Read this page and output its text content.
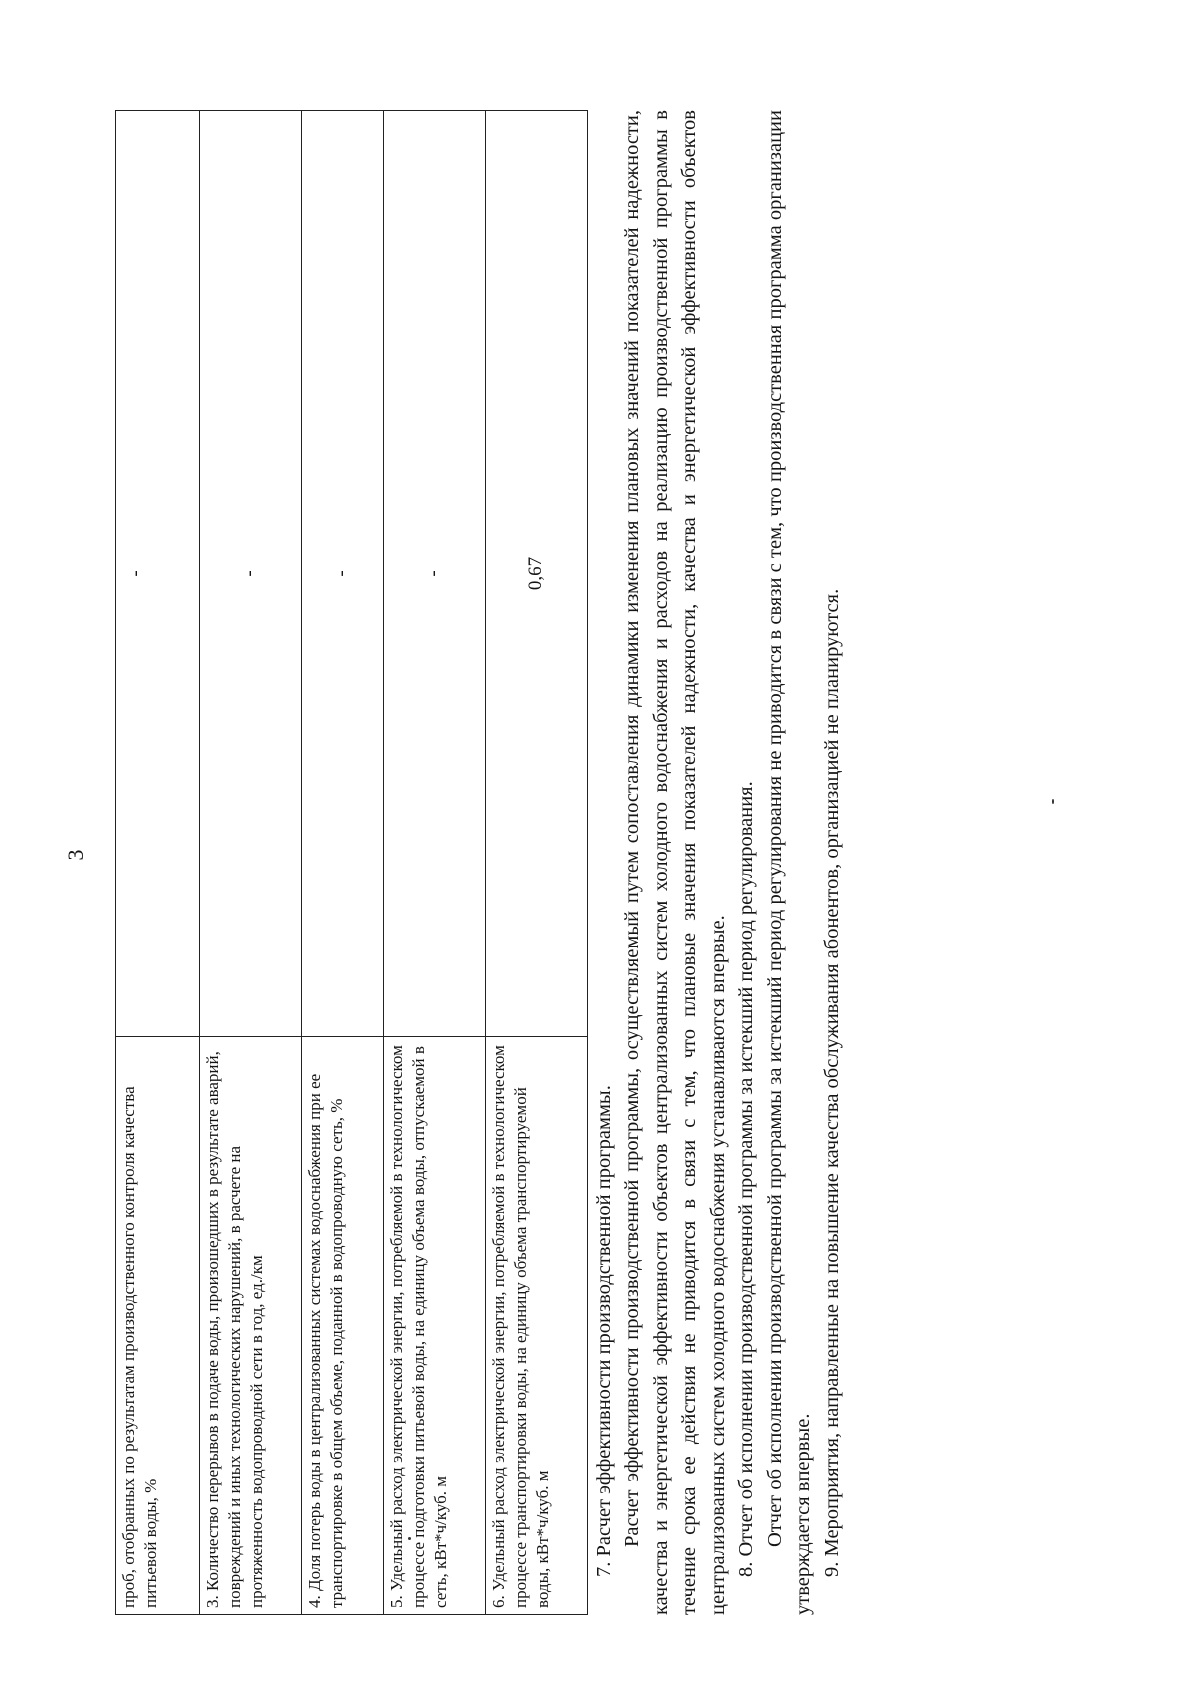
3
проб, отобранных по результатам производственного контроля качества питьевой воды, %	-
3. Количество перерывов в подаче воды, произошедших в результате аварий, повреждений и иных технологических нарушений, в расчете на протяженность водопроводной сети в год, ед./км	-
4. Доля потерь воды в централизованных системах водоснабжения при ее транспортировке в общем объеме, поданной в водопроводную сеть, %	-
5. Удельный расход электрической энергии, потребляемой в технологическом процессе подготовки питьевой воды, на единицу объема воды, отпускаемой в сеть, кВт*ч/куб. м	-
6. Удельный расход электрической энергии, потребляемой в технологическом процессе транспортировки воды, на единицу объема транспортируемой воды, кВт*ч/куб. м	0,67

7. Расчет эффективности производственной программы. Расчет эффективности производственной программы, осуществляемый путем сопоставления динамики изменения плановых значений показателей надежности, качества и энергетической эффективности объектов централизованных систем холодного водоснабжения и расходов на реализацию производственной программы в течение срока ее действия не приводится в связи с тем, что плановые значения показателей надежности, качества и энергетической эффективности объектов централизованных систем холодного водоснабжения устанавливаются впервые. 8. Отчет об исполнении производственной программы за истекший период регулирования. Отчет об исполнении производственной программы за истекший период регулирования не приводится в связи с тем, что производственная программа организации утверждается впервые. 9. Мероприятия, направленные на повышение качества обслуживания абонентов, организацией не планируются.
